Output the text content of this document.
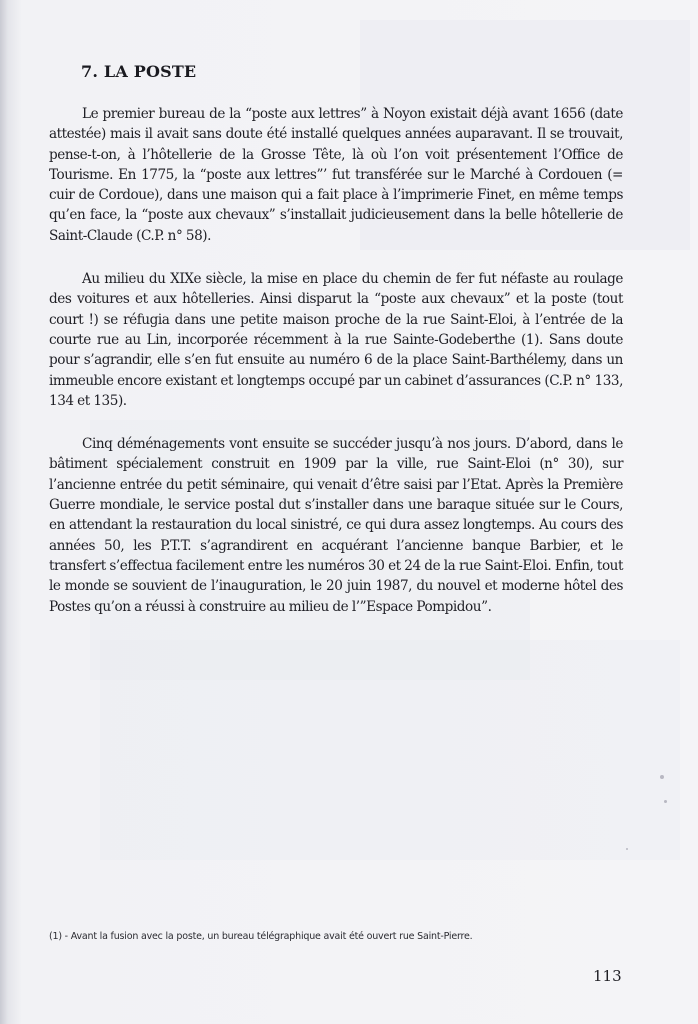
7. LA POSTE

Le premier bureau de la “poste aux lettres” à Noyon existait déjà avant 1656 (date attestée) mais il avait sans doute été installé quelques années auparavant. Il se trouvait, pense-t-on, à l’hôtellerie de la Grosse Tête, là où l’on voit présentement l’Office de Tourisme. En 1775, la “poste aux lettres”’ fut transférée sur le Marché à Cordouen (= cuir de Cordoue), dans une maison qui a fait place à l’imprimerie Finet, en même temps qu’en face, la “poste aux chevaux” s’installait judicieusement dans la belle hôtellerie de Saint-Claude (C.P. n° 58).

Au milieu du XIXe siècle, la mise en place du chemin de fer fut néfaste au roulage des voitures et aux hôtelleries. Ainsi disparut la “poste aux chevaux” et la poste (tout court !) se réfugia dans une petite maison proche de la rue Saint-Eloi, à l’entrée de la courte rue au Lin, incorporée récemment à la rue Sainte-Godeberthe (1). Sans doute pour s’agrandir, elle s’en fut ensuite au numéro 6 de la place Saint-Barthélemy, dans un immeuble encore existant et longtemps occupé par un cabinet d’assurances (C.P. n° 133, 134 et 135).

Cinq déménagements vont ensuite se succéder jusqu’à nos jours. D’abord, dans le bâtiment spécialement construit en 1909 par la ville, rue Saint-Eloi (n° 30), sur l’ancienne entrée du petit séminaire, qui venait d’être saisi par l’Etat. Après la Première Guerre mondiale, le service postal dut s’installer dans une baraque située sur le Cours, en attendant la restauration du local sinistré, ce qui dura assez longtemps. Au cours des années 50, les P.T.T. s’agrandirent en acquérant l’ancienne banque Barbier, et le transfert s’effectua facilement entre les numéros 30 et 24 de la rue Saint-Eloi. Enfin, tout le monde se souvient de l’inauguration, le 20 juin 1987, du nouvel et moderne hôtel des Postes qu’on a réussi à construire au milieu de l’”Espace Pompidou”.

(1) - Avant la fusion avec la poste, un bureau télégraphique avait été ouvert rue Saint-Pierre.

113
